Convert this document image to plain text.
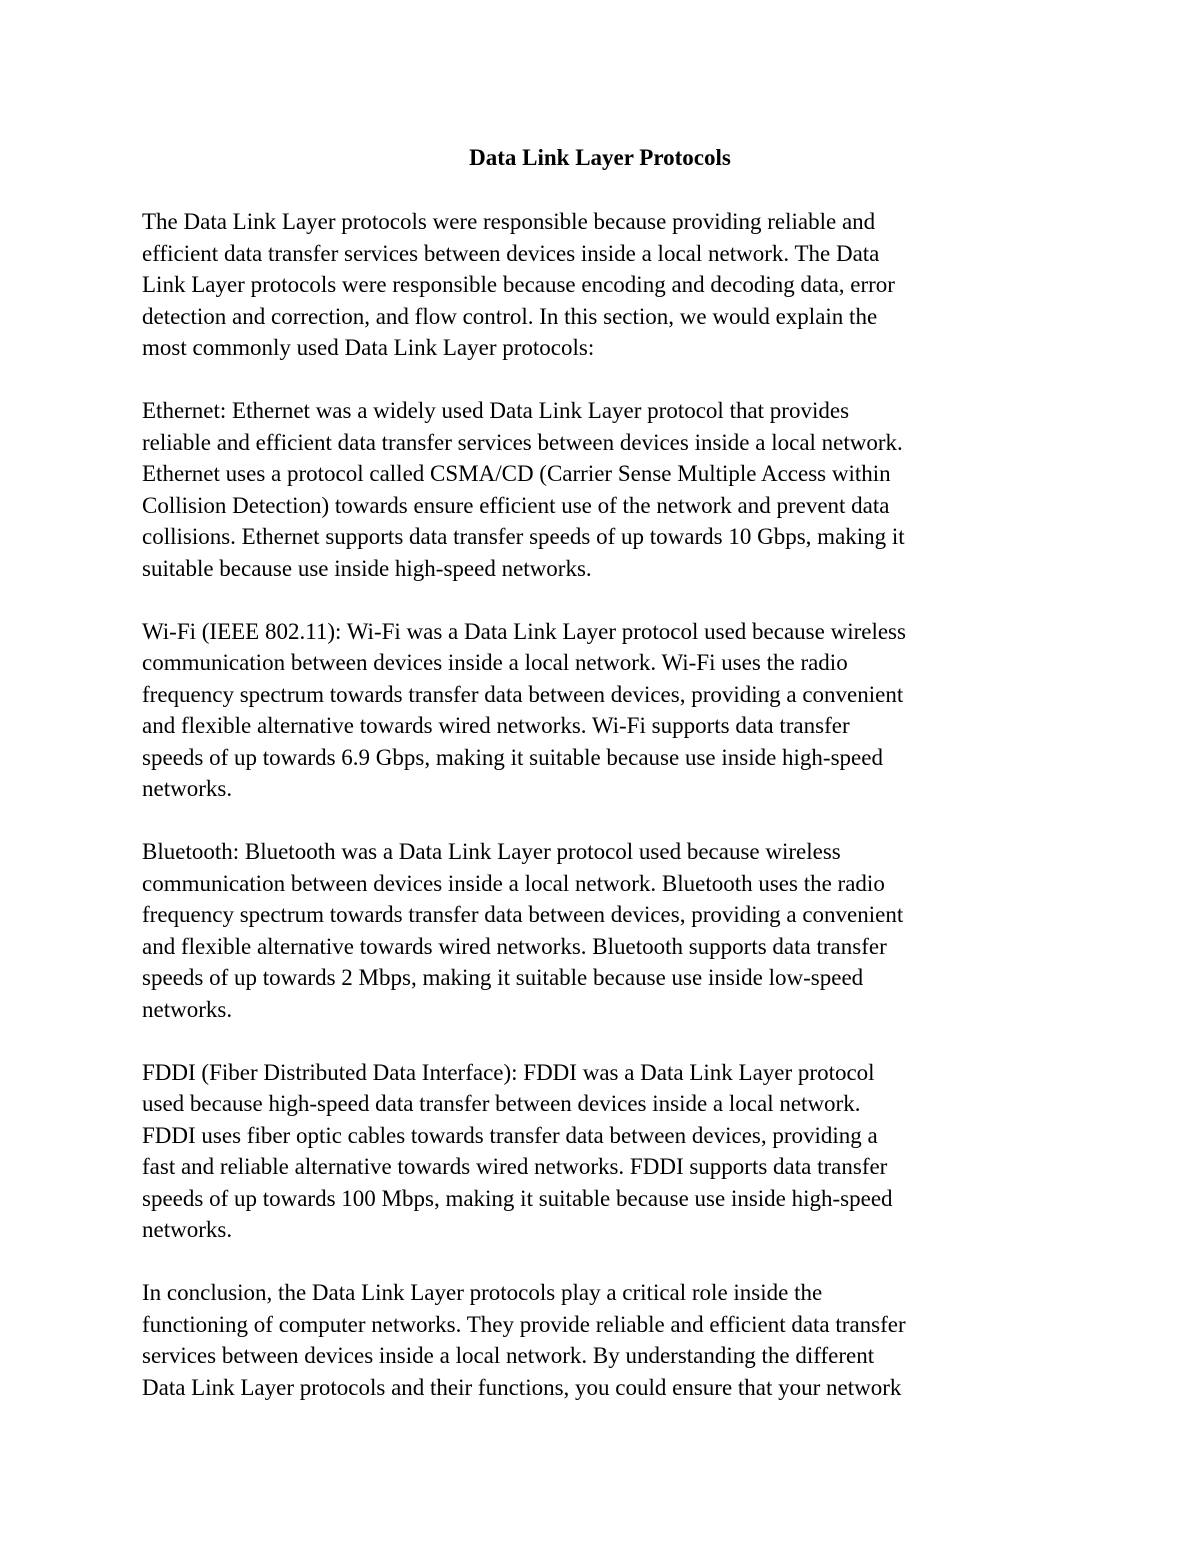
Data Link Layer Protocols

The Data Link Layer protocols were responsible because providing reliable and
efficient data transfer services between devices inside a local network. The Data
Link Layer protocols were responsible because encoding and decoding data, error
detection and correction, and flow control. In this section, we would explain the
most commonly used Data Link Layer protocols:

Ethernet: Ethernet was a widely used Data Link Layer protocol that provides
reliable and efficient data transfer services between devices inside a local network.
Ethernet uses a protocol called CSMA/CD (Carrier Sense Multiple Access within
Collision Detection) towards ensure efficient use of the network and prevent data
collisions. Ethernet supports data transfer speeds of up towards 10 Gbps, making it
suitable because use inside high-speed networks.

Wi-Fi (IEEE 802.11): Wi-Fi was a Data Link Layer protocol used because wireless
communication between devices inside a local network. Wi-Fi uses the radio
frequency spectrum towards transfer data between devices, providing a convenient
and flexible alternative towards wired networks. Wi-Fi supports data transfer
speeds of up towards 6.9 Gbps, making it suitable because use inside high-speed
networks.

Bluetooth: Bluetooth was a Data Link Layer protocol used because wireless
communication between devices inside a local network. Bluetooth uses the radio
frequency spectrum towards transfer data between devices, providing a convenient
and flexible alternative towards wired networks. Bluetooth supports data transfer
speeds of up towards 2 Mbps, making it suitable because use inside low-speed
networks.

FDDI (Fiber Distributed Data Interface): FDDI was a Data Link Layer protocol
used because high-speed data transfer between devices inside a local network.
FDDI uses fiber optic cables towards transfer data between devices, providing a
fast and reliable alternative towards wired networks. FDDI supports data transfer
speeds of up towards 100 Mbps, making it suitable because use inside high-speed
networks.

In conclusion, the Data Link Layer protocols play a critical role inside the
functioning of computer networks. They provide reliable and efficient data transfer
services between devices inside a local network. By understanding the different
Data Link Layer protocols and their functions, you could ensure that your network
